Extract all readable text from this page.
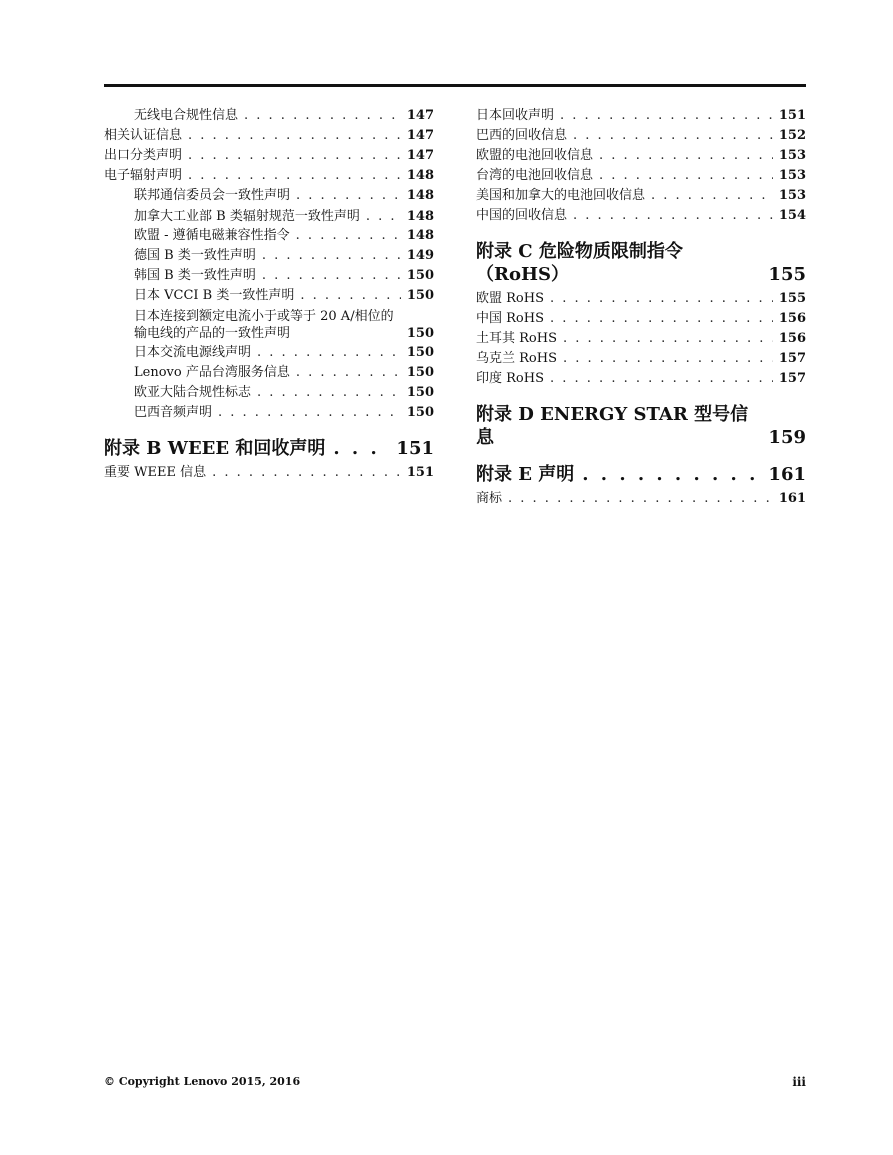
无线电合规性信息 . . .	147
相关认证信息 . . .	147
出口分类声明 . . .	147
电子辐射声明 . . .	148
联邦通信委员会一致性声明 . . .	148
加拿大工业部 B 类辐射规范一致性声明 . . .	148
欧盟 - 遵循电磁兼容性指令 . . .	148
德国 B 类一致性声明 . . .	149
韩国 B 类一致性声明 . . .	150
日本 VCCI B 类一致性声明 . . .	150
日本连接到额定电流小于或等于 20 A/相位的输电线的产品的一致性声明 . . .	150
日本交流电源线声明 . . .	150
Lenovo 产品台湾服务信息 . . .	150
欧亚大陆合规性标志 . . .	150
巴西音频声明 . . .	150
附录 B WEEE 和回收声明 . . .	151
重要 WEEE 信息 . . .	151
日本回收声明 . . .	151
巴西的回收信息 . . .	152
欧盟的电池回收信息 . . .	153
台湾的电池回收信息 . . .	153
美国和加拿大的电池回收信息 . . .	153
中国的回收信息 . . .	154
附录 C 危险物质限制指令（RoHS）	155
欧盟 RoHS . . .	155
中国 RoHS . . .	156
土耳其 RoHS . . .	156
乌克兰 RoHS . . .	157
印度 RoHS . . .	157
附录 D ENERGY STAR 型号信息	159
附录 E 声明 . . .	161
商标 . . .	161
© Copyright Lenovo 2015, 2016	iii
